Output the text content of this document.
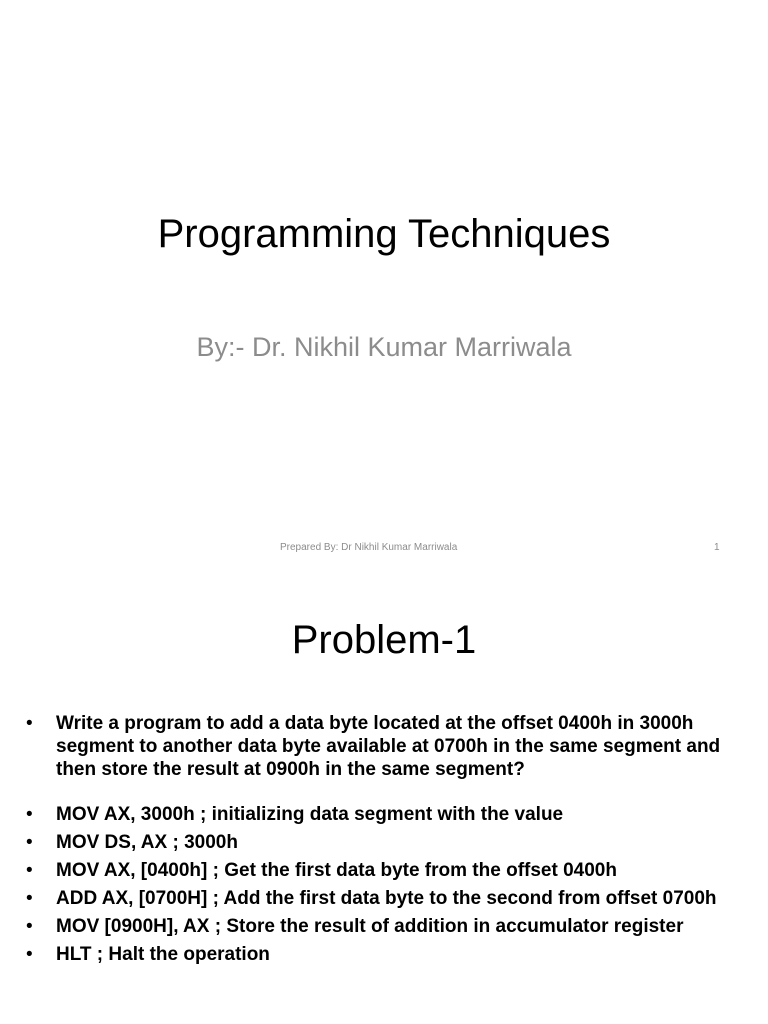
Programming Techniques
By:- Dr. Nikhil Kumar Marriwala
Prepared By: Dr Nikhil Kumar Marriwala	1
Problem-1
• Write a program to add a data byte located at the offset 0400h in 3000h segment to another data byte available at 0700h in the same segment and then store the result at 0900h in the same segment?
• MOV AX, 3000h ; initializing data segment with the value
• MOV DS, AX ; 3000h
• MOV AX, [0400h] ; Get the first data byte from the offset 0400h
• ADD AX, [0700H] ; Add the first data byte to the second from offset 0700h
• MOV [0900H], AX ; Store the result of addition in accumulator register
• HLT ; Halt the operation
